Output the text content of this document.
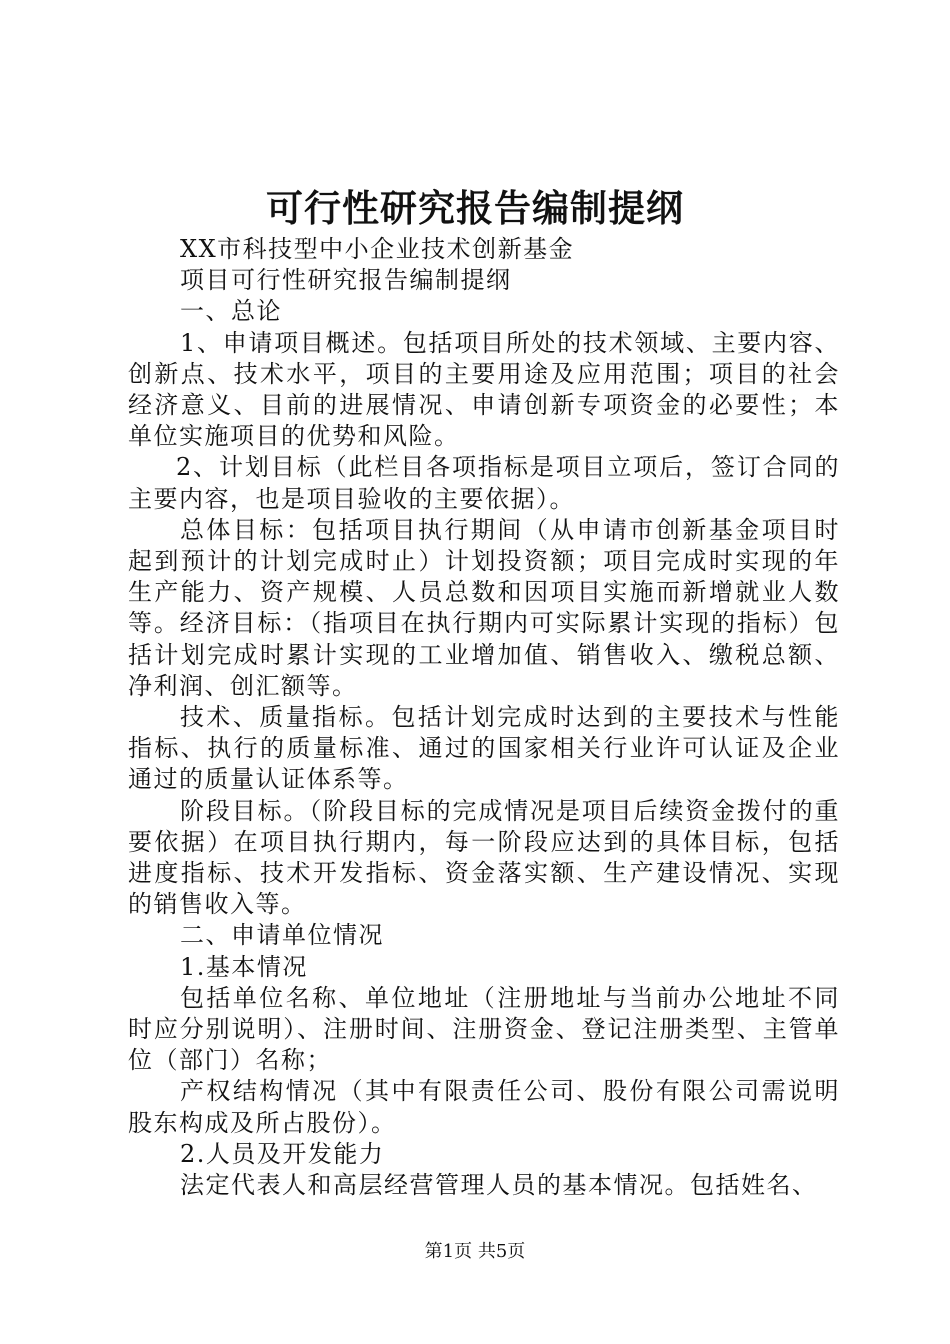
可行性研究报告编制提纲

XX市科技型中小企业技术创新基金

项目可行性研究报告编制提纲

一、总论

1、申请项目概述。包括项目所处的技术领域、主要内容、创新点、技术水平，项目的主要用途及应用范围；项目的社会经济意义、目前的进展情况、申请创新专项资金的必要性；本单位实施项目的优势和风险。

2、计划目标（此栏目各项指标是项目立项后，签订合同的主要内容，也是项目验收的主要依据）。

总体目标：包括项目执行期间（从申请市创新基金项目时起到预计的计划完成时止）计划投资额；项目完成时实现的年生产能力、资产规模、人员总数和因项目实施而新增就业人数等。经济目标：（指项目在执行期内可实际累计实现的指标）包括计划完成时累计实现的工业增加值、销售收入、缴税总额、净利润、创汇额等。

技术、质量指标。包括计划完成时达到的主要技术与性能指标、执行的质量标准、通过的国家相关行业许可认证及企业通过的质量认证体系等。

阶段目标。（阶段目标的完成情况是项目后续资金拨付的重要依据）在项目执行期内，每一阶段应达到的具体目标，包括进度指标、技术开发指标、资金落实额、生产建设情况、实现的销售收入等。

二、申请单位情况

1.基本情况

包括单位名称、单位地址（注册地址与当前办公地址不同时应分别说明）、注册时间、注册资金、登记注册类型、主管单位（部门）名称；

产权结构情况（其中有限责任公司、股份有限公司需说明股东构成及所占股份）。

2.人员及开发能力

法定代表人和高层经营管理人员的基本情况。包括姓名、

第1页 共5页
